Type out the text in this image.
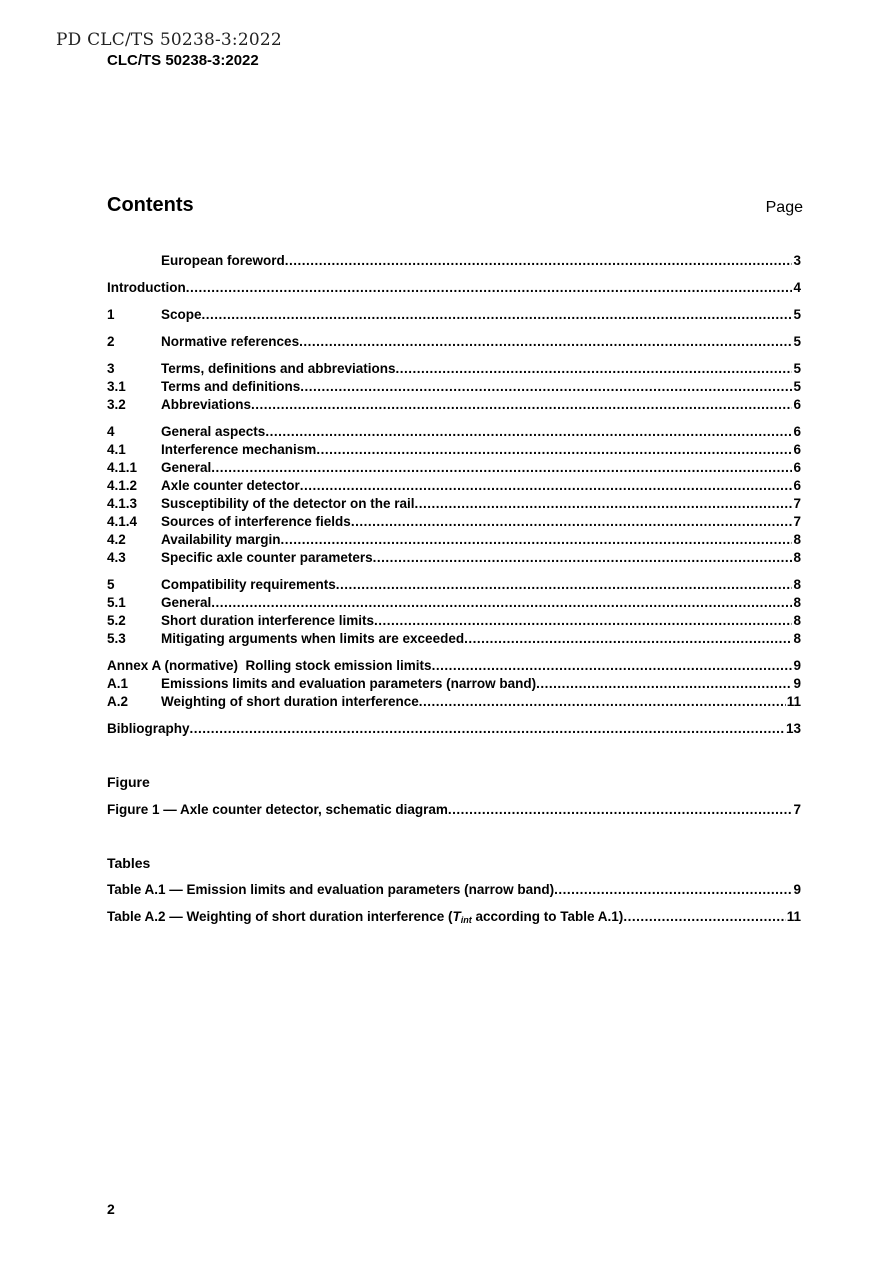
PD CLC/TS 50238-3:2022
CLC/TS 50238-3:2022
Contents	Page
European foreword .....	3
Introduction .....	4
1	Scope .....	5
2	Normative references .....	5
3	Terms, definitions and abbreviations .....	5
3.1	Terms and definitions .....	5
3.2	Abbreviations .....	6
4	General aspects .....	6
4.1	Interference mechanism .....	6
4.1.1	General .....	6
4.1.2	Axle counter detector .....	6
4.1.3	Susceptibility of the detector on the rail .....	7
4.1.4	Sources of interference fields .....	7
4.2	Availability margin .....	8
4.3	Specific axle counter parameters .....	8
5	Compatibility requirements .....	8
5.1	General .....	8
5.2	Short duration interference limits .....	8
5.3	Mitigating arguments when limits are exceeded .....	8
Annex A (normative)  Rolling stock emission limits .....	9
A.1	Emissions limits and evaluation parameters (narrow band) .....	9
A.2	Weighting of short duration interference .....	11
Bibliography .....	13
Figure 1 — Axle counter detector, schematic diagram .....	7
Table A.1 — Emission limits and evaluation parameters (narrow band) .....	9
Table A.2 — Weighting of short duration interference ($T_{int}$ according to Table A.1) .....	11
Figure
Tables
2
